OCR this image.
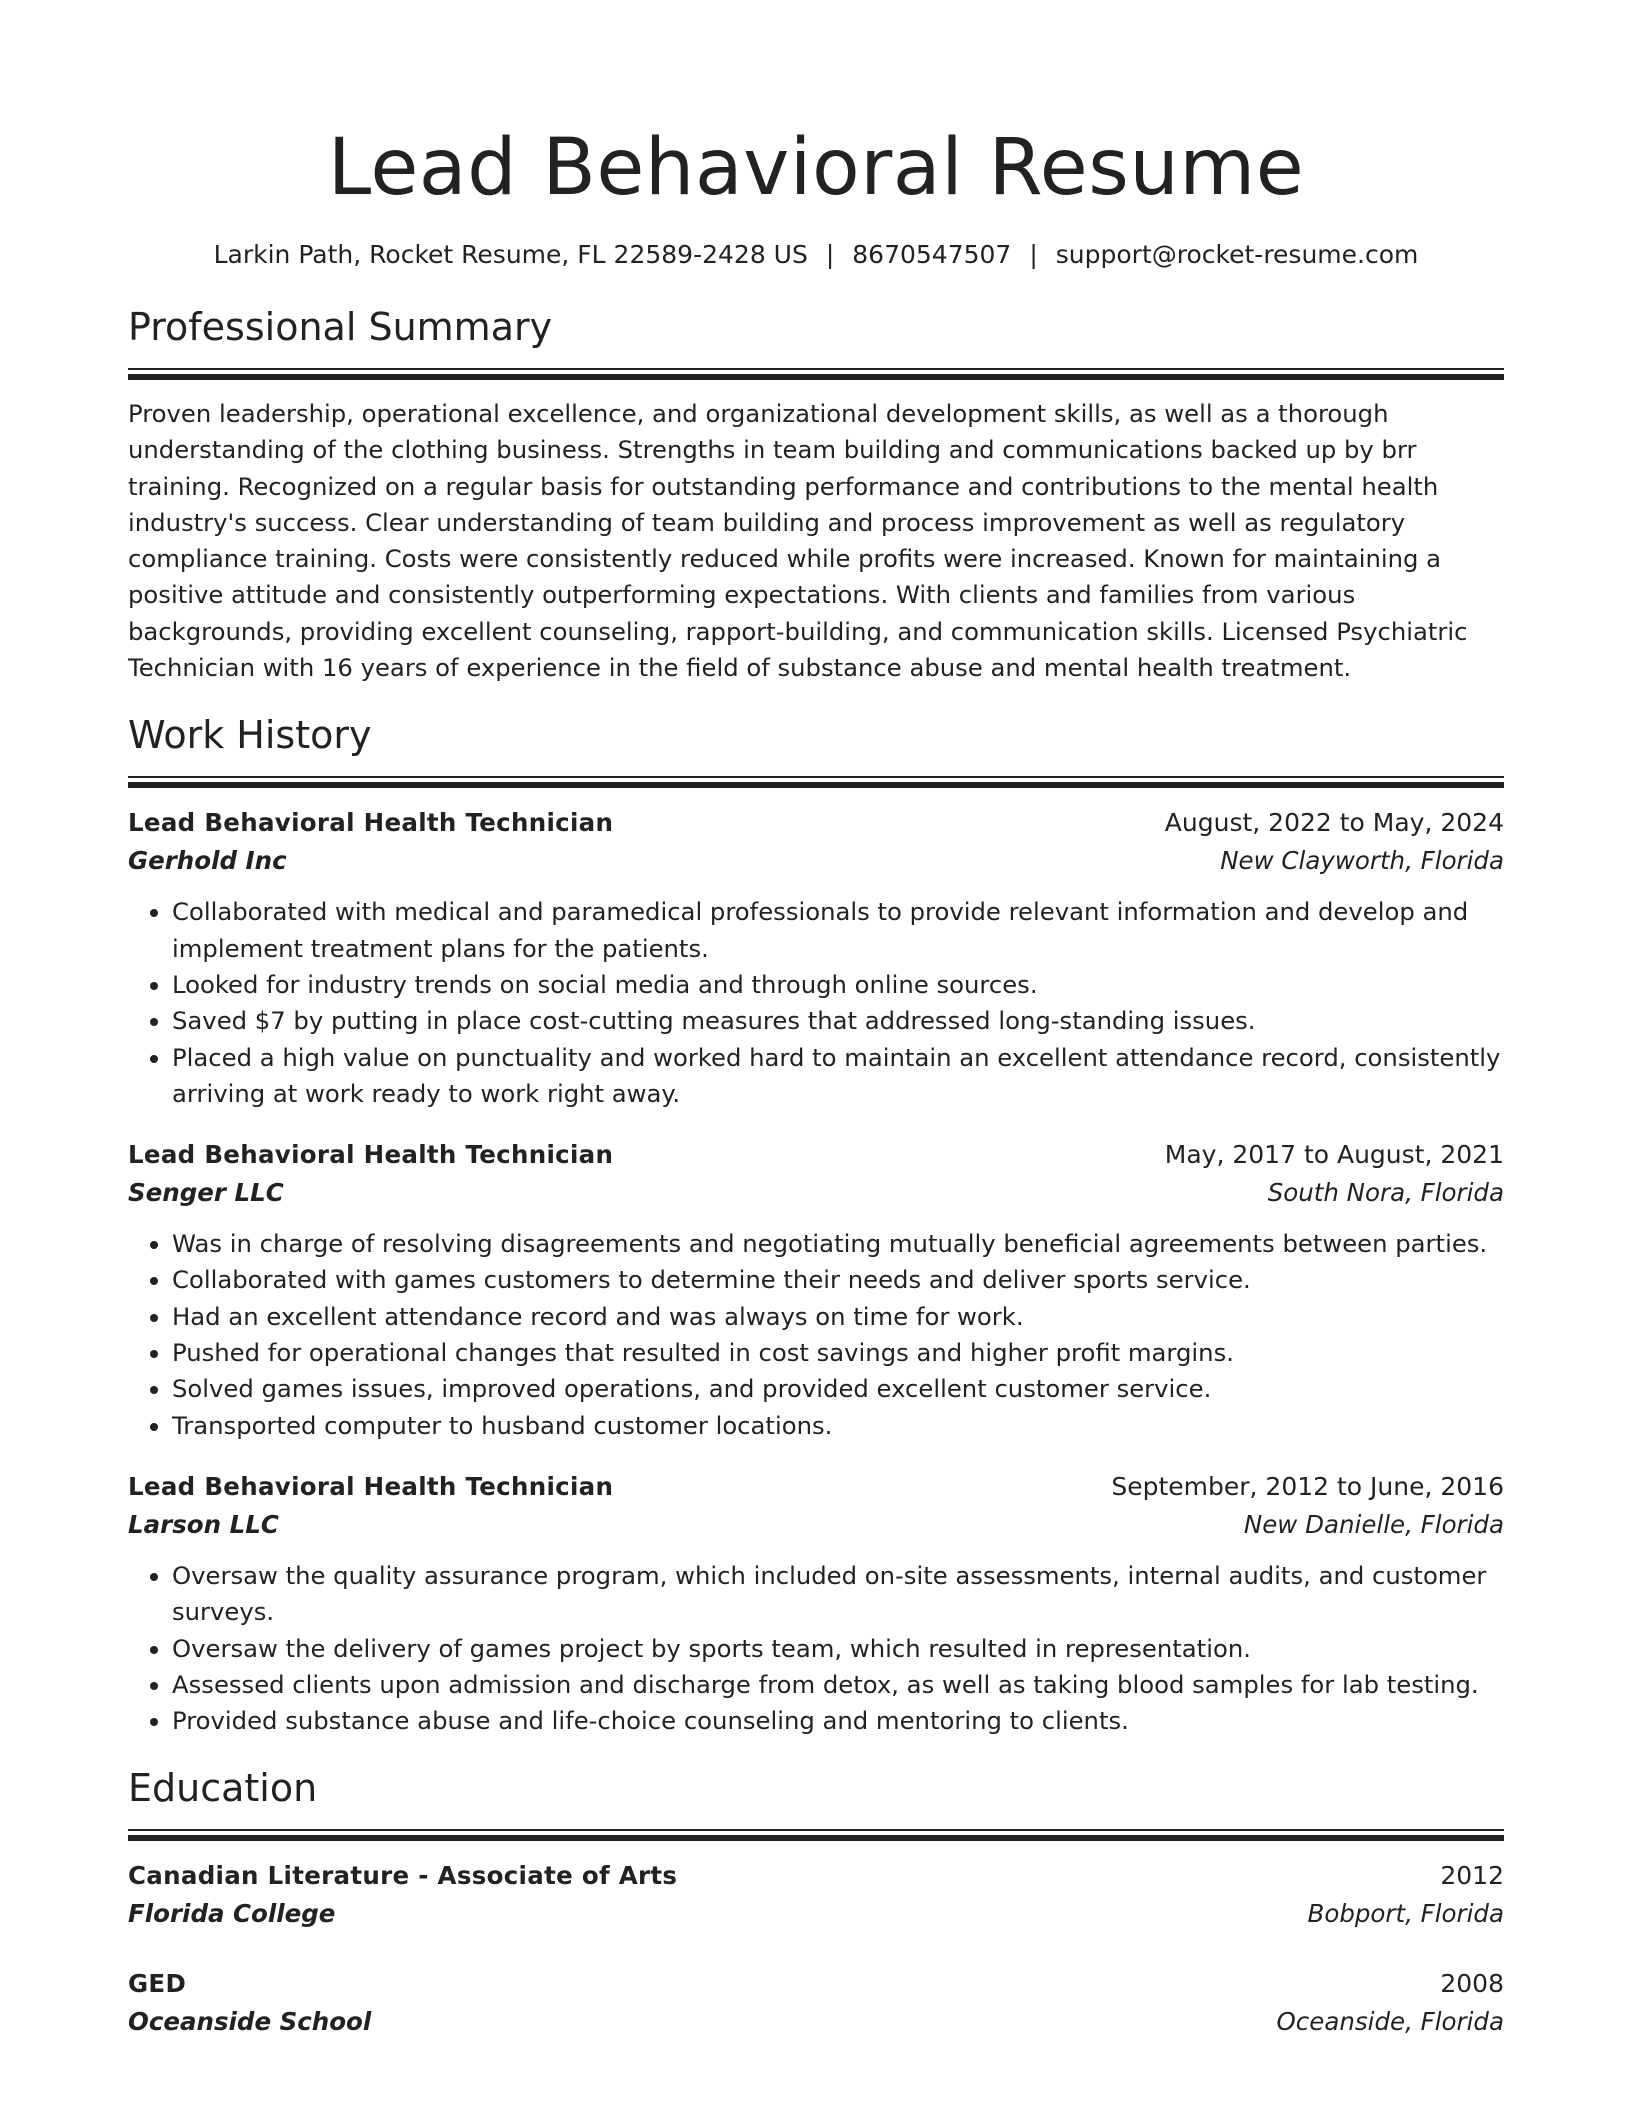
Lead Behavioral Resume
Larkin Path, Rocket Resume, FL 22589-2428 US | 8670547507 | support@rocket-resume.com
Professional Summary
Proven leadership, operational excellence, and organizational development skills, as well as a thorough understanding of the clothing business. Strengths in team building and communications backed up by brr training. Recognized on a regular basis for outstanding performance and contributions to the mental health industry's success. Clear understanding of team building and process improvement as well as regulatory compliance training. Costs were consistently reduced while profits were increased. Known for maintaining a positive attitude and consistently outperforming expectations. With clients and families from various backgrounds, providing excellent counseling, rapport-building, and communication skills. Licensed Psychiatric Technician with 16 years of experience in the field of substance abuse and mental health treatment.
Work History
Lead Behavioral Health Technician	August, 2022 to May, 2024
Gerhold Inc	New Clayworth, Florida
• Collaborated with medical and paramedical professionals to provide relevant information and develop and implement treatment plans for the patients.
• Looked for industry trends on social media and through online sources.
• Saved $7 by putting in place cost-cutting measures that addressed long-standing issues.
• Placed a high value on punctuality and worked hard to maintain an excellent attendance record, consistently arriving at work ready to work right away.
Lead Behavioral Health Technician	May, 2017 to August, 2021
Senger LLC	South Nora, Florida
• Was in charge of resolving disagreements and negotiating mutually beneficial agreements between parties.
• Collaborated with games customers to determine their needs and deliver sports service.
• Had an excellent attendance record and was always on time for work.
• Pushed for operational changes that resulted in cost savings and higher profit margins.
• Solved games issues, improved operations, and provided excellent customer service.
• Transported computer to husband customer locations.
Lead Behavioral Health Technician	September, 2012 to June, 2016
Larson LLC	New Danielle, Florida
• Oversaw the quality assurance program, which included on-site assessments, internal audits, and customer surveys.
• Oversaw the delivery of games project by sports team, which resulted in representation.
• Assessed clients upon admission and discharge from detox, as well as taking blood samples for lab testing.
• Provided substance abuse and life-choice counseling and mentoring to clients.
Education
Canadian Literature - Associate of Arts	2012
Florida College	Bobport, Florida
GED	2008
Oceanside School	Oceanside, Florida
